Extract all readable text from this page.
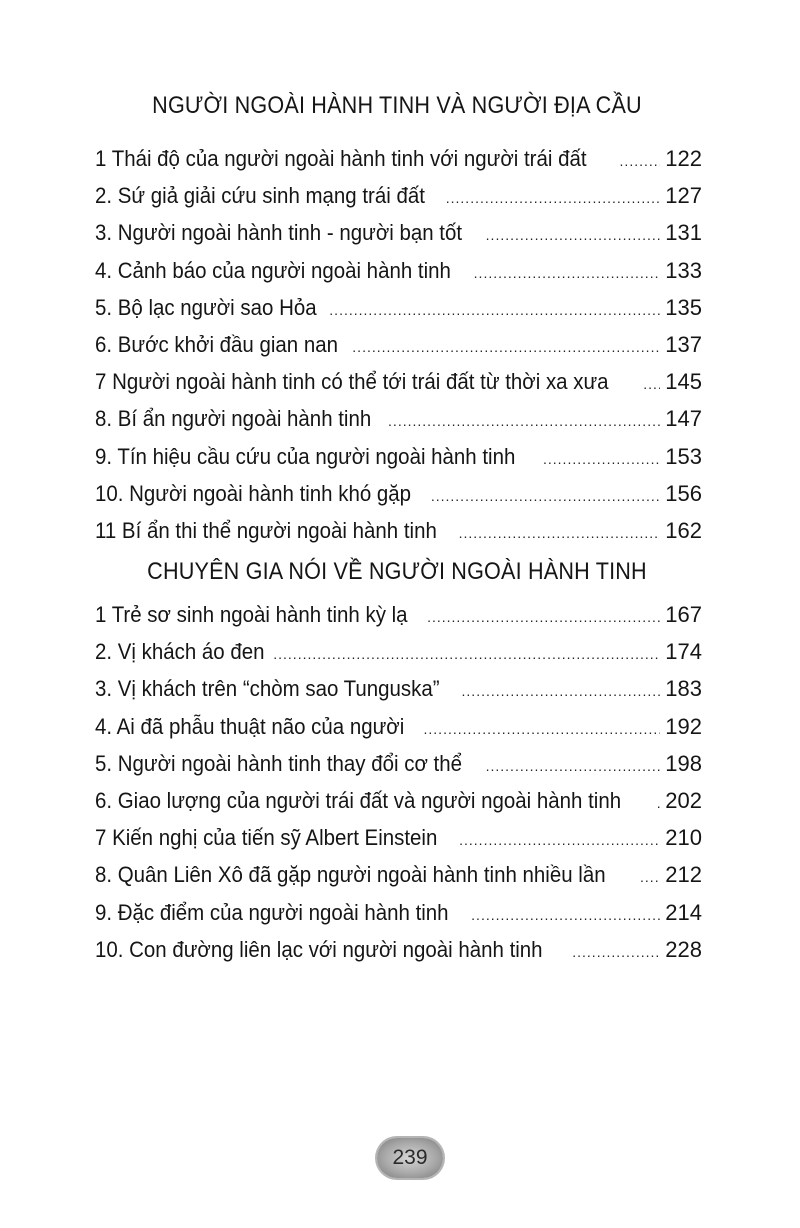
NGƯỜI NGOÀI HÀNH TINH VÀ NGƯỜI ĐỊA CẦU
1 Thái độ của người ngoài hành tinh với người trái đất .....	122
2. Sứ giả giải cứu sinh mạng trái đất .....	127
3. Người ngoài hành tinh - người bạn tốt .....	131
4. Cảnh báo của người ngoài hành tinh .....	133
5. Bộ lạc người sao Hỏa .....	135
6. Bước khởi đầu gian nan .....	137
7 Người ngoài hành tinh có thể tới trái đất từ thời xa xưa .....	145
8. Bí ẩn người ngoài hành tinh .....	147
9. Tín hiệu cầu cứu của người ngoài hành tinh .....	153
10. Người ngoài hành tinh khó gặp .....	156
11 Bí ẩn thi thể người ngoài hành tinh .....	162
CHUYÊN GIA NÓI VỀ NGƯỜI NGOÀI HÀNH TINH
1 Trẻ sơ sinh ngoài hành tinh kỳ lạ .....	167
2. Vị khách áo đen .....	174
3. Vị khách trên “chòm sao Tunguska” .....	183
4. Ai đã phẫu thuật não của người .....	192
5. Người ngoài hành tinh thay đổi cơ thể .....	198
6. Giao lượng của người trái đất và người ngoài hành tinh ..... 202
7 Kiến nghị của tiến sỹ Albert Einstein .....	210
8. Quân Liên Xô đã gặp người ngoài hành tinh nhiều lần .....	212
9. Đặc điểm của người ngoài hành tinh .....	214
10. Con đường liên lạc với người ngoài hành tinh .....	228
239
